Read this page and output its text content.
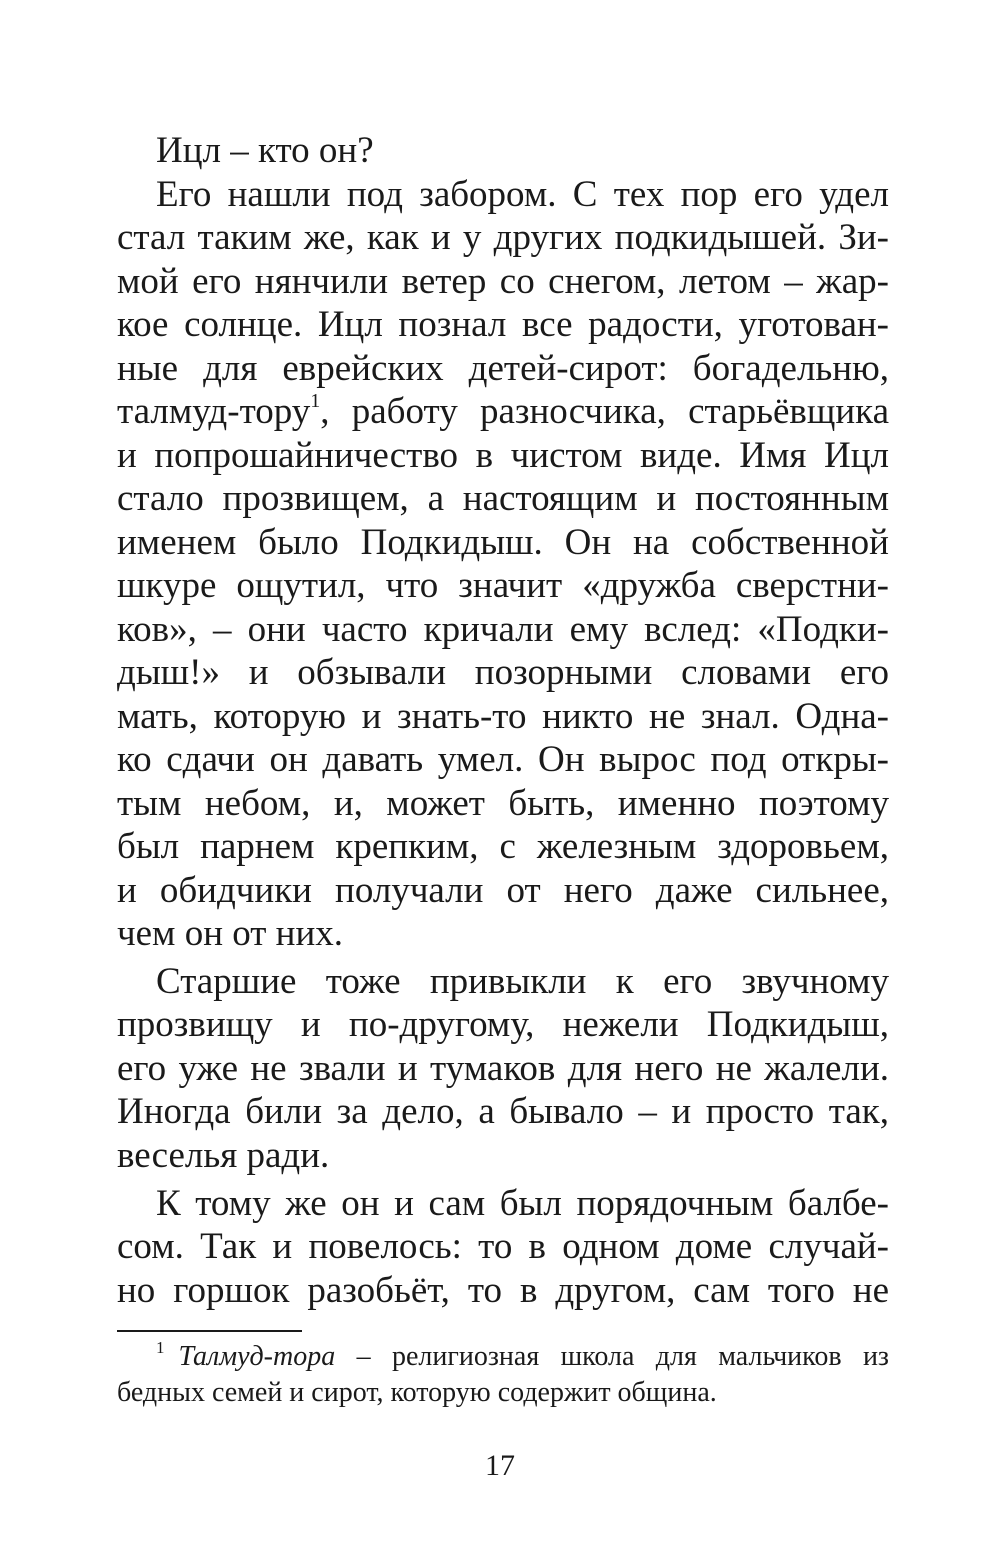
Ицл – кто он?
Его нашли под забором. С тех пор его удел
стал таким же, как и у других подкидышей. Зи-
мой его нянчили ветер со снегом, летом – жар-
кое солнце. Ицл познал все радости, уготован-
ные для еврейских детей-сирот: богадельню,
талмуд-тору$^1$, работу разносчика, старьёвщика
и попрошайничество в чистом виде. Имя Ицл
стало прозвищем, а настоящим и постоянным
именем было Подкидыш. Он на собственной
шкуре ощутил, что значит «дружба сверстни-
ков», – они часто кричали ему вслед: «Подки-
дыш!» и обзывали позорными словами его
мать, которую и знать-то никто не знал. Одна-
ко сдачи он давать умел. Он вырос под откры-
тым небом, и, может быть, именно поэтому
был парнем крепким, с железным здоровьем,
и обидчики получали от него даже сильнее,
чем он от них.
Старшие тоже привыкли к его звучному
прозвищу и по-другому, нежели Подкидыш,
его уже не звали и тумаков для него не жалели.
Иногда били за дело, а бывало – и просто так,
веселья ради.
К тому же он и сам был порядочным балбе-
сом. Так и повелось: то в одном доме случай-
но горшок разобьёт, то в другом, сам того не
$^1$ Талмуд-тора – религиозная школа для мальчиков из
бедных семей и сирот, которую содержит община.
17
